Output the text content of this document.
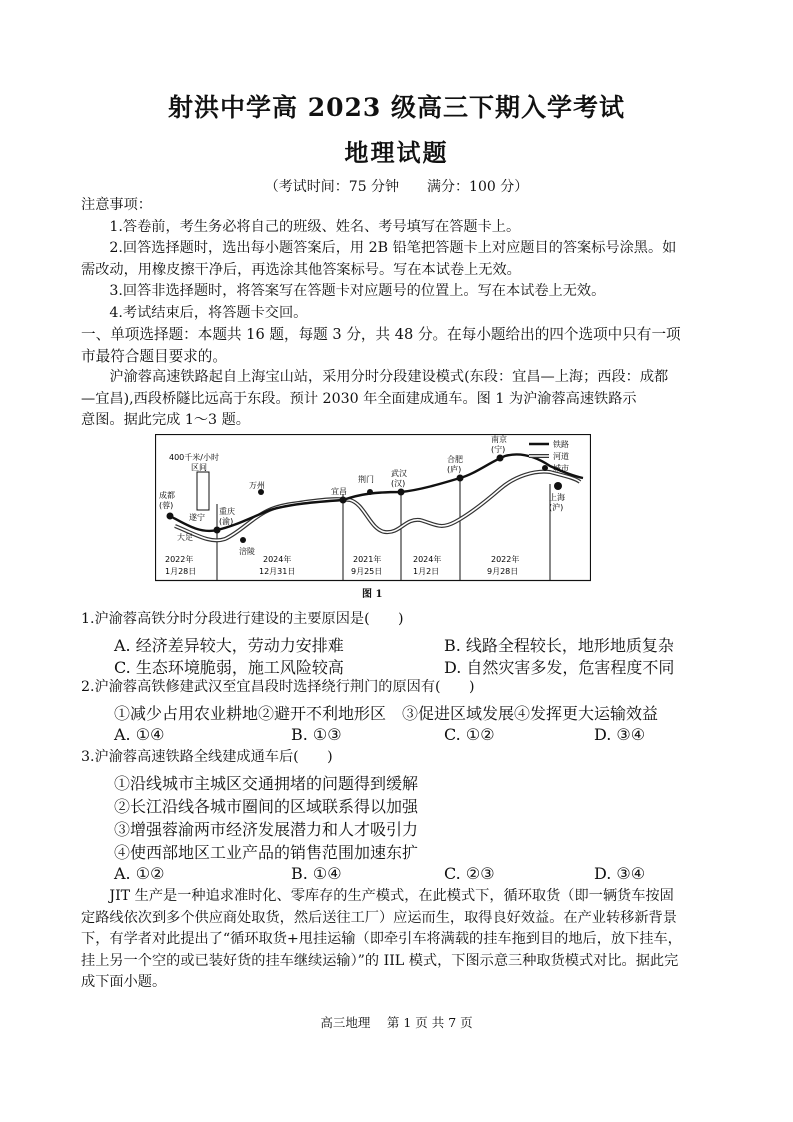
射洪中学高 2023 级高三下期入学考试
地理试题
（考试时间：75 分钟　　满分：100 分）
注意事项：
1.答卷前，考生务必将自己的班级、姓名、考号填写在答题卡上。
2.回答选择题时，选出每小题答案后，用 2B 铅笔把答题卡上对应题目的答案标号涂黑。如
需改动，用橡皮擦干净后，再选涂其他答案标号。写在本试卷上无效。
3.回答非选择题时，将答案写在答题卡对应题号的位置上。写在本试卷上无效。
4.考试结束后，将答题卡交回。
一、单项选择题：本题共 16 题，每题 3 分，共 48 分。在每小题给出的四个选项中只有一项
市最符合题目要求的。
沪渝蓉高速铁路起自上海宝山站，采用分时分段建设模式(东段：宜昌—上海；西段：成都
—宜昌),西段桥隧比远高于东段。预计 2030 年全面建成通车。图 1 为沪渝蓉高速铁路示
意图。据此完成 1～3 题。
400千米/小时
区间
成都
(蓉)
遂宁
大足
重庆
(渝)
涪陵
万州
宜昌
荆门
武汉
(汉)
合肥
(庐)
南京
(宁)
上海
(沪)
2022年
1月28日
2024年
12月31日
2021年
9月25日
2024年
1月2日
2022年
9月28日
铁路
河道
城市
图 1
1.沪渝蓉高铁分时分段进行建设的主要原因是(　　)
A. 经济差异较大，劳动力安排难	B. 线路全程较长，地形地质复杂
C. 生态环境脆弱，施工风险较高	D. 自然灾害多发，危害程度不同
2.沪渝蓉高铁修建武汉至宜昌段时选择绕行荆门的原因有(　　)
①减少占用农业耕地②避开不利地形区　③促进区域发展④发挥更大运输效益
A. ①④	B. ①③	C. ①②	D. ③④
3.沪渝蓉高速铁路全线建成通车后(　　)
①沿线城市主城区交通拥堵的问题得到缓解
②长江沿线各城市圈间的区域联系得以加强
③增强蓉渝两市经济发展潜力和人才吸引力
④使西部地区工业产品的销售范围加速东扩
A. ①②	B. ①④	C. ②③	D. ③④
JIT 生产是一种追求准时化、零库存的生产模式，在此模式下，循环取货（即一辆货车按固
定路线依次到多个供应商处取货，然后送往工厂）应运而生，取得良好效益。在产业转移新背景
下，有学者对此提出了“循环取货+甩挂运输（即牵引车将满载的挂车拖到目的地后，放下挂车，
挂上另一个空的或已装好货的挂车继续运输）”的 IIL 模式，下图示意三种取货模式对比。据此完
成下面小题。
高三地理　 第 1 页 共 7 页
